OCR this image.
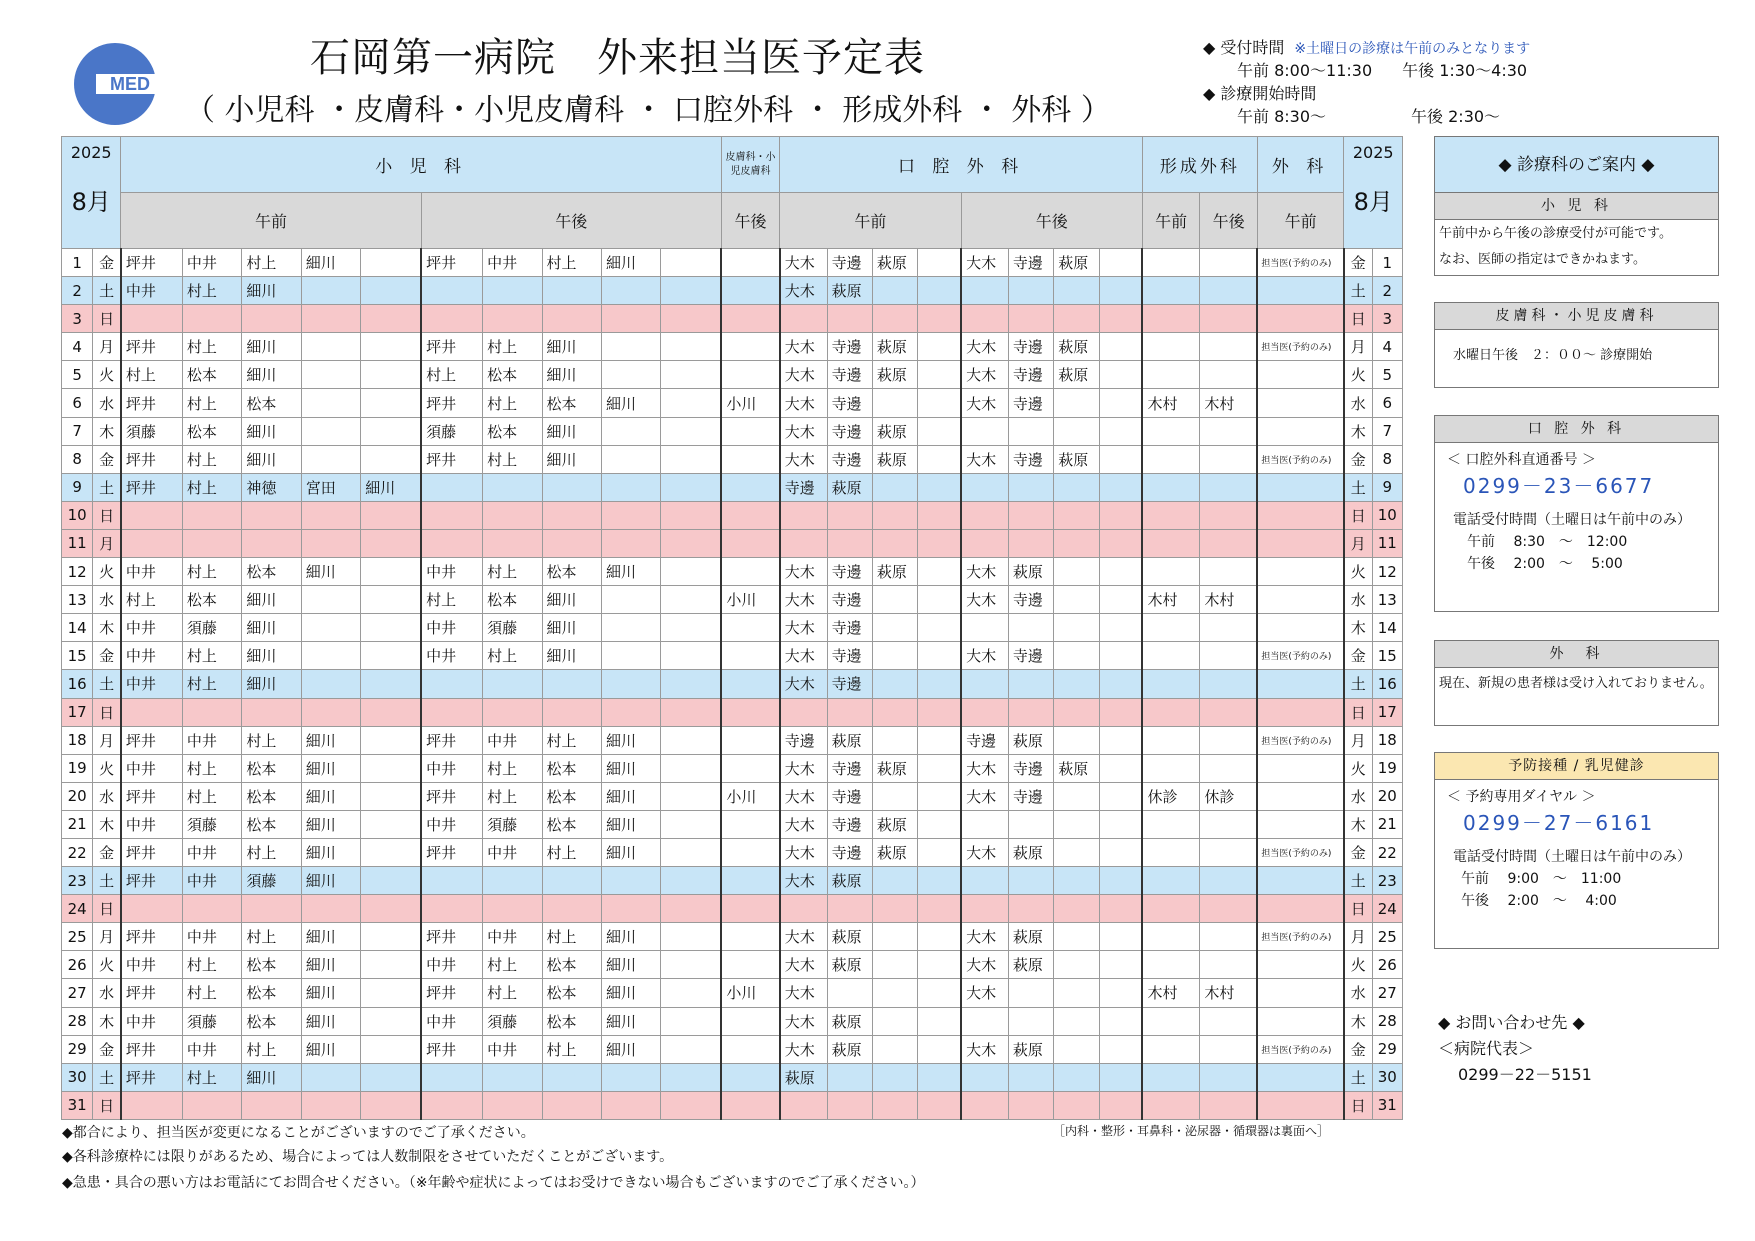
MED
石岡第一病院　外来担当医予定表
（ 小児科 ・皮膚科・小児皮膚科 ・ 口腔外科 ・ 形成外科 ・ 外科 ）
◆ 受付時間 ※土曜日の診療は午前のみとなります
午前 8:00～11:30 午後 1:30～4:30
◆ 診療開始時間
午前 8:30～	午後 2:30～
2025
8月		小 児 科										皮膚科・小児皮膚科	口 腔 外 科								形成外科		外 科	2025
8月	

		午前					午後					午後	午前				午後				午前	午後	午前		
1	金	坪井	中井	村上	細川		坪井	中井	村上	細川			大木	寺邊	萩原		大木	寺邊	萩原				担当医(予約のみ)	金	1
2	土	中井	村上	細川									大木	萩原										土	2
3	日																							日	3
4	月	坪井	村上	細川			坪井	村上	細川				大木	寺邊	萩原		大木	寺邊	萩原				担当医(予約のみ)	月	4
5	火	村上	松本	細川			村上	松本	細川				大木	寺邊	萩原		大木	寺邊	萩原					火	5
6	水	坪井	村上	松本			坪井	村上	松本	細川		小川	大木	寺邊			大木	寺邊			木村	木村		水	6
7	木	須藤	松本	細川			須藤	松本	細川				大木	寺邊	萩原									木	7
8	金	坪井	村上	細川			坪井	村上	細川				大木	寺邊	萩原		大木	寺邊	萩原				担当医(予約のみ)	金	8
9	土	坪井	村上	神徳	宮田	細川							寺邊	萩原										土	9
10	日																							日	10
11	月																							月	11
12	火	中井	村上	松本	細川		中井	村上	松本	細川			大木	寺邊	萩原		大木	萩原						火	12
13	水	村上	松本	細川			村上	松本	細川			小川	大木	寺邊			大木	寺邊			木村	木村		水	13
14	木	中井	須藤	細川			中井	須藤	細川				大木	寺邊										木	14
15	金	中井	村上	細川			中井	村上	細川				大木	寺邊			大木	寺邊					担当医(予約のみ)	金	15
16	土	中井	村上	細川									大木	寺邊										土	16
17	日																							日	17
18	月	坪井	中井	村上	細川		坪井	中井	村上	細川			寺邊	萩原			寺邊	萩原					担当医(予約のみ)	月	18
19	火	中井	村上	松本	細川		中井	村上	松本	細川			大木	寺邊	萩原		大木	寺邊	萩原					火	19
20	水	坪井	村上	松本	細川		坪井	村上	松本	細川		小川	大木	寺邊			大木	寺邊			休診	休診		水	20
21	木	中井	須藤	松本	細川		中井	須藤	松本	細川			大木	寺邊	萩原									木	21
22	金	坪井	中井	村上	細川		坪井	中井	村上	細川			大木	寺邊	萩原		大木	萩原					担当医(予約のみ)	金	22
23	土	坪井	中井	須藤	細川								大木	萩原										土	23
24	日																							日	24
25	月	坪井	中井	村上	細川		坪井	中井	村上	細川			大木	萩原			大木	萩原					担当医(予約のみ)	月	25
26	火	中井	村上	松本	細川		中井	村上	松本	細川			大木	萩原			大木	萩原						火	26
27	水	坪井	村上	松本	細川		坪井	村上	松本	細川		小川	大木				大木				木村	木村		水	27
28	木	中井	須藤	松本	細川		中井	須藤	松本	細川			大木	萩原										木	28
29	金	坪井	中井	村上	細川		坪井	中井	村上	細川			大木	萩原			大木	萩原					担当医(予約のみ)	金	29
30	土	坪井	村上	細川									萩原											土	30
31	日																							日	31
◆都合により、担当医が変更になることがございますのでご了承ください。	［内科・整形・耳鼻科・泌尿器・循環器は裏面へ］
◆各科診療枠には限りがあるため、場合によっては人数制限をさせていただくことがございます。
◆急患・具合の悪い方はお電話にてお問合せください。（※年齢や症状によってはお受けできない場合もございますのでご了承ください。）
◆ 診療科のご案内 ◆
小 児 科
午前中から午後の診療受付が可能です。
なお、医師の指定はできかねます。
皮膚科・小児皮膚科
水曜日午後　２：００～ 診療開始
口 腔 外 科
＜ 口腔外科直通番号 ＞
0299－23－6677
電話受付時間（土曜日は午前中のみ）
午前　 8:30　～　12:00
午後　 2:00　～　 5:00
外　科
現在、新規の患者様は受け入れておりません。
予防接種 / 乳児健診
＜ 予約専用ダイヤル ＞
0299－27－6161
電話受付時間（土曜日は午前中のみ）
午前　 9:00　～　11:00
午後　 2:00　～　 4:00
◆ お問い合わせ先 ◆
＜病院代表＞
0299－22－5151
